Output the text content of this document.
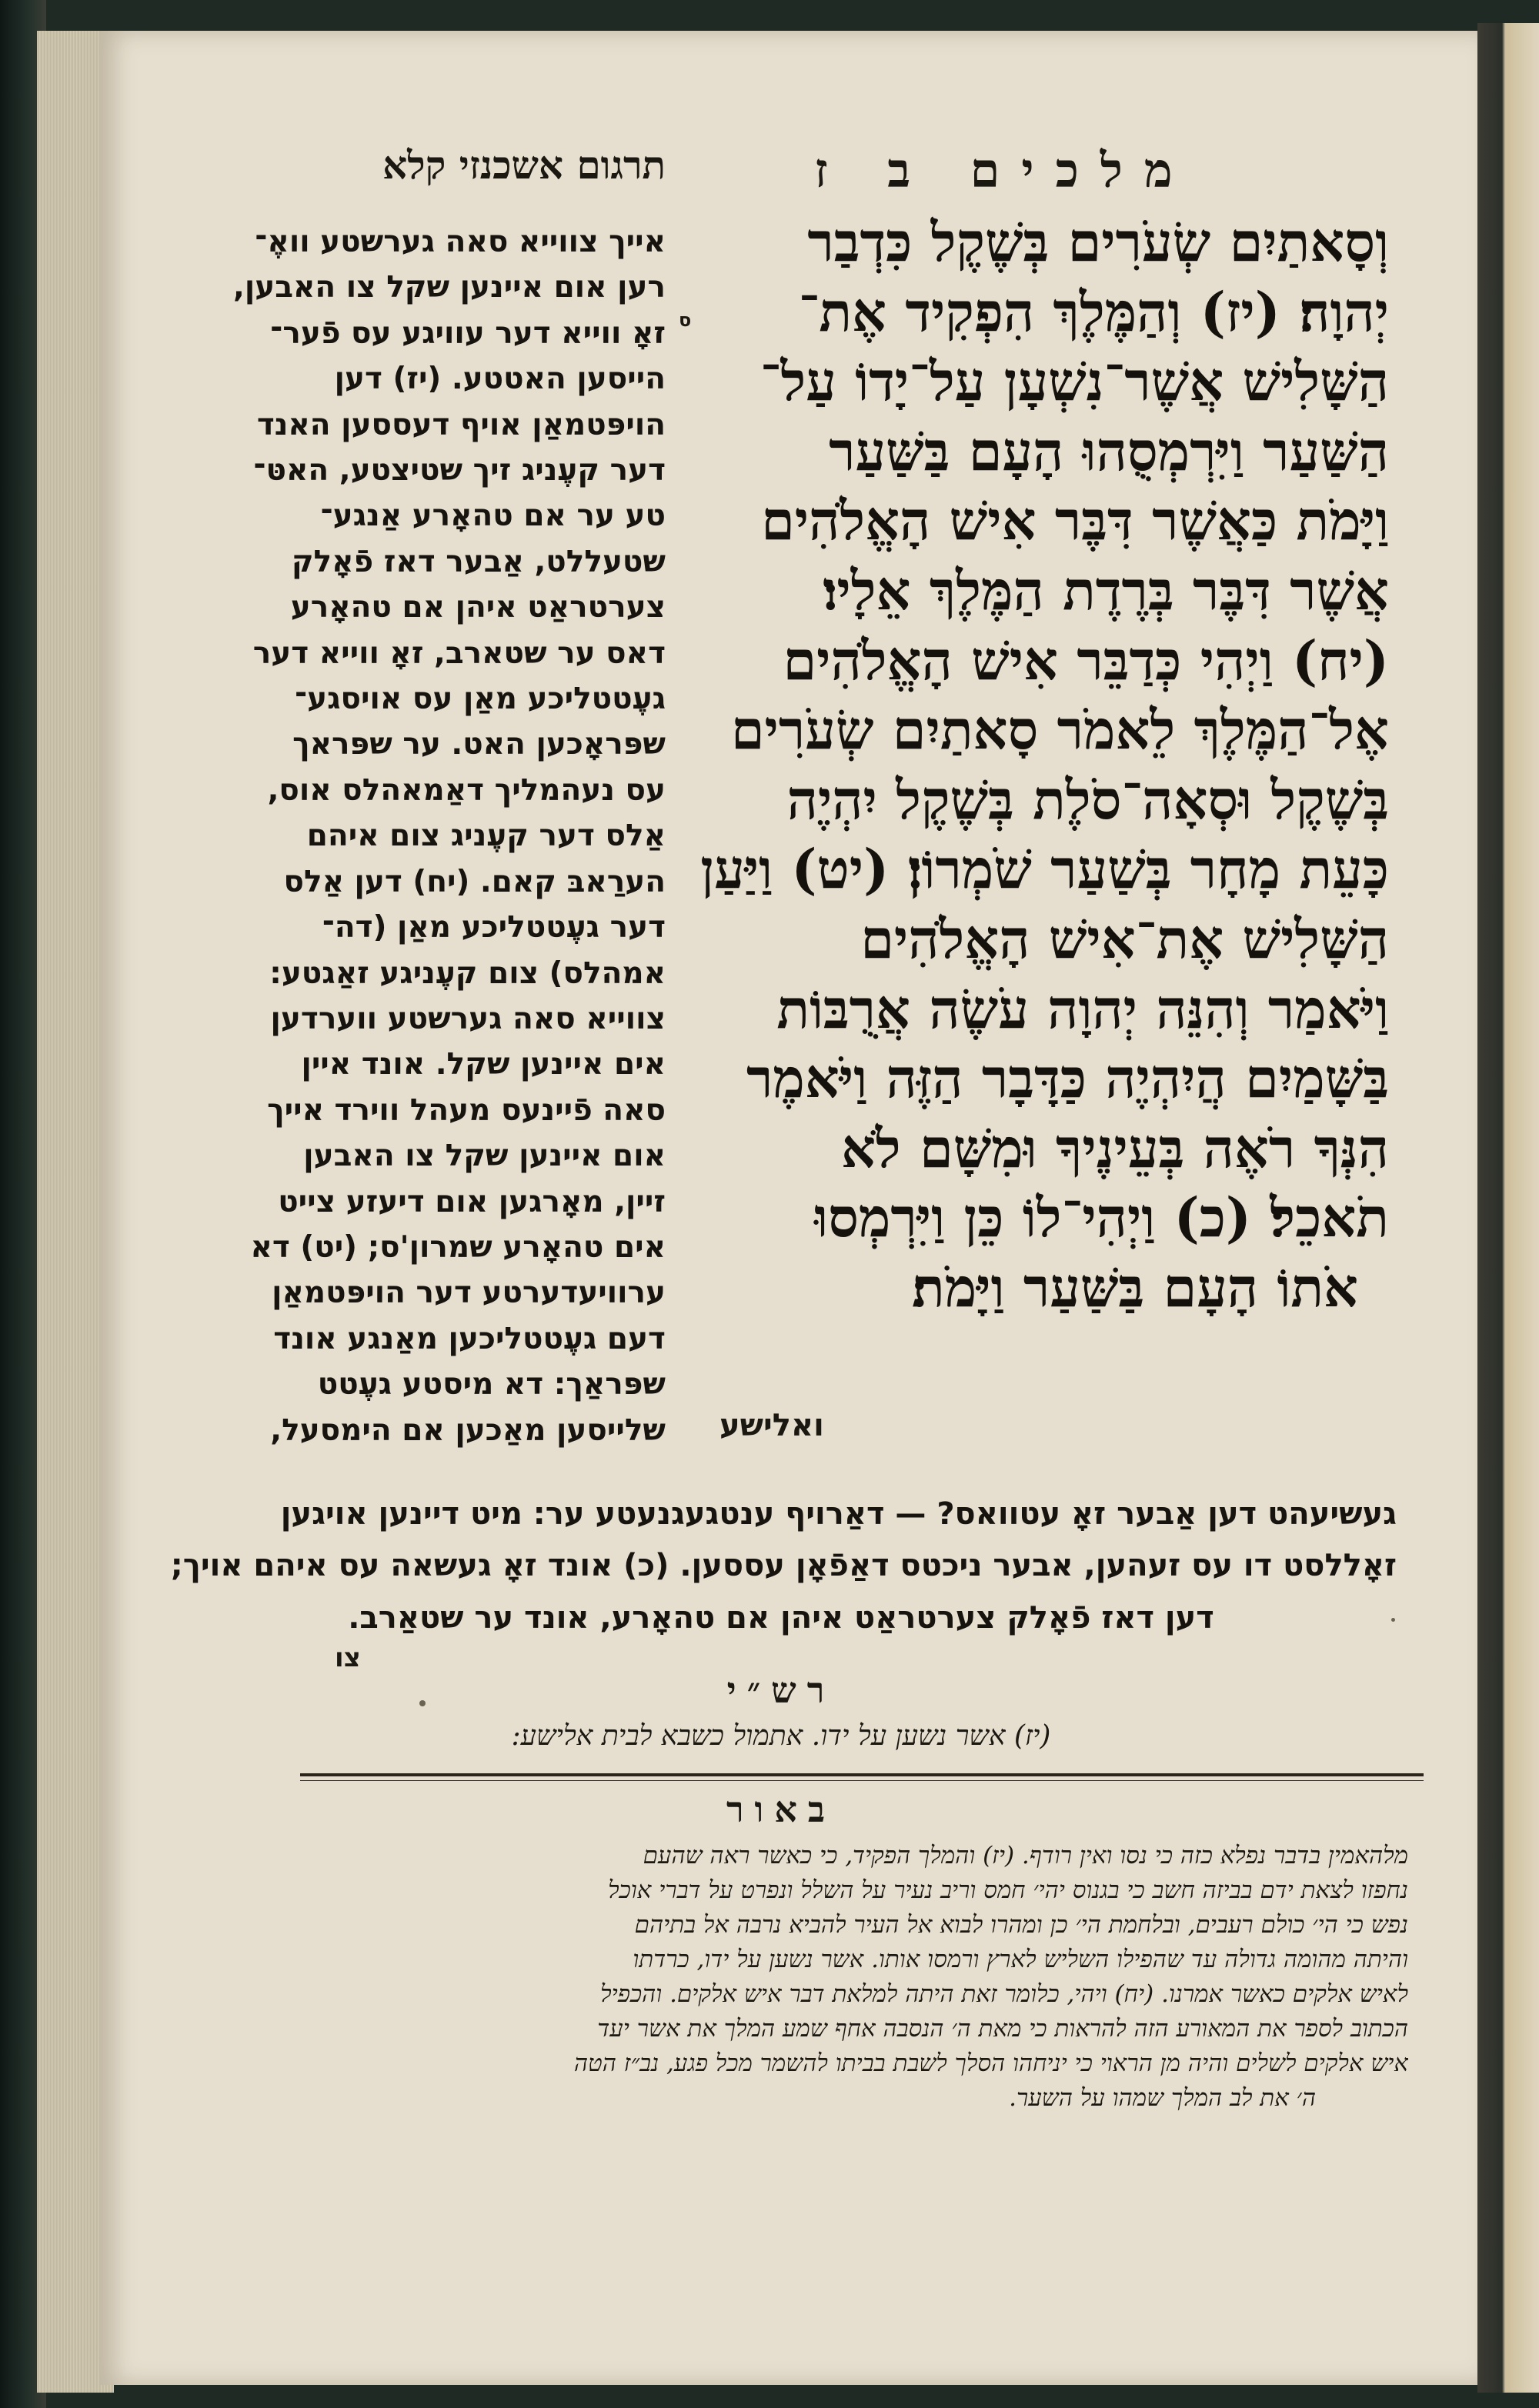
מלכים ב ז
תרגום אשכנזי קלא
ס
וְסָאתַיִם שְׂעֹרִים בְּשֶׁקֶל כִּדְבַר
יְהוָה׃ (יז) וְהַמֶּלֶךְ הִפְקִיד אֶת־
הַשָּׁלִישׁ אֲשֶׁר־נִשְׁעָן עַל־יָדוֹ עַל־
הַשַּׁעַר וַיִּרְמְסֻהוּ הָעָם בַּשַּׁעַר
וַיָּמֹת כַּאֲשֶׁר דִּבֶּר אִישׁ הָאֱלֹהִים
אֲשֶׁר דִּבֶּר בְּרֶדֶת הַמֶּלֶךְ אֵלָיו׃
(יח) וַיְהִי כְּדַבֵּר אִישׁ הָאֱלֹהִים
אֶל־הַמֶּלֶךְ לֵאמֹר סָאתַיִם שְׂעֹרִים
בְּשֶׁקֶל וּסְאָה־סֹלֶת בְּשֶׁקֶל יִהְיֶה
כָּעֵת מָחָר בְּשַׁעַר שֹׁמְרוֹן׃ (יט) וַיַּעַן
הַשָּׁלִישׁ אֶת־אִישׁ הָאֱלֹהִים
וַיֹּאמַר וְהִנֵּה יְהוָה עֹשֶׂה אֲרֻבּוֹת
בַּשָּׁמַיִם הֲיִהְיֶה כַּדָּבָר הַזֶּה וַיֹּאמֶר
הִנְּךָ רֹאֶה בְּעֵינֶיךָ וּמִשָּׁם לֹא
תֹאכֵל׃ (כ) וַיְהִי־לוֹ כֵּן וַיִּרְמְסוּ
אֹתוֹ הָעָם בַּשַּׁעַר וַיָּמֹת׃
ואלישע
אייך צווייא סאה גערשטע וואֶ־
רען אום איינען שקל צו האבען,
זאָ ווייא דער עוויגע עס פֿער־
הייסען האטטע. (יז) דען
הויפּטמאַן אויף דעססען האנד
דער קעֶניג זיך שטיצטע, האטּ־
טע ער אם טהאָרע אַנגע־
שטעללט, אַבער דאז פֿאָלק
צערטראַט איהן אם טהאָרע
דאס ער שטארב, זאָ ווייא דער
געֶטטליכע מאַן עס אויסגע־
שפּראָכען האט. ער שפּראך
עס נעהמליך דאַמאהלס אוס,
אַלס דער קעֶניג צום איהם
הערַאבּ קאם. (יח) דען אַלס
דער געֶטטליכע מאַן (דה־
אמהלס) צום קעֶניגע זאַגטע:
צווייא סאה גערשטע ווערדען
אים איינען שקל. אונד איין
סאה פֿיינעס מעהל ווירד אייך
אום איינען שקל צו האבען
זיין, מאָרגען אום דיעזע צייט
אים טהאָרע שמרון'ס; (יט) דא
ערוויעדערטע דער הויפּטמאַן
דעם געֶטטליכען מאַנגע אונד
שפּראַך: דא מיסטע געֶטט
שלייסען מאַכען אם הימסעל,
געשיעהט דען אַבער זאָ עטוואס? — דאַרויף ענטגעגנעטע ער: מיט דיינען אויגען
זאָללסט דו עס זעהען, אבער ניכטס דאַפֿאָן עססען. (כ) אונד זאָ געשאה עס איהם אויך;
דען דאז פֿאָלק צערטראַט איהן אם טהאָרע, אונד ער שטאַרב.
צו
רש״י
(יז) אשר נשען על ידו. אתמול כשבא לבית אלישע:
באור
מלהאמין בדבר נפלא כזה כי נסו ואין רודף. (יז) והמלך הפקיד, כי כאשר ראה שהעם
נחפזו לצאת ידם בביזה חשב כי בגנוס יהי׳ חמס וריב נעיר על השלל ונפרט על דברי אוכל
נפש כי הי׳ כולם רעבים, ובלחמת הי׳ כן ומהרו לבוא אל העיר להביא נרבה אל בתיהם
והיתה מהומה גדולה עד שהפילו השליש לארץ ורמסו אותו. אשר נשען על ידו, כרדתו
לאיש אלקים כאשר אמרנו. (יח) ויהי, כלומר זאת היתה למלאת דבר איש אלקים. והכפיל
הכתוב לספר את המאורע הזה להראות כי מאת ה׳ הנסבה אחף שמע המלך את אשר יעד
איש אלקים לשלים והיה מן הראוי כי יניחהו הסלך לשבת בביתו להשמר מכל פגע, נב״ז הטה
ה׳ את לב המלך שמהו על השער.
